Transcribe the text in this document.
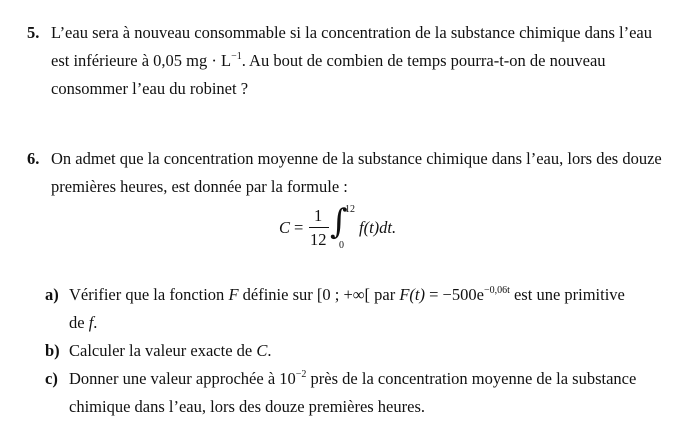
5. L’eau sera à nouveau consommable si la concentration de la substance chimique dans l’eau
est inférieure à 0,05 mg · $L^{-1}$. Au bout de combien de temps pourra-t-on de nouveau
consommer l’eau du robinet ?
6. On admet que la concentration moyenne de la substance chimique dans l’eau, lors des douze
premières heures, est donnée par la formule :
C =
1
12 ∫
12
0
f(t)dt.
a) Vérifier que la fonction F définie sur [0 ; +∞[ par $F(t) = -500e^{-0,06t}$ est une primitive
de f.
b) Calculer la valeur exacte de C.
c) Donner une valeur approchée à $10^{-2}$ près de la concentration moyenne de la substance
chimique dans l’eau, lors des douze premières heures.
